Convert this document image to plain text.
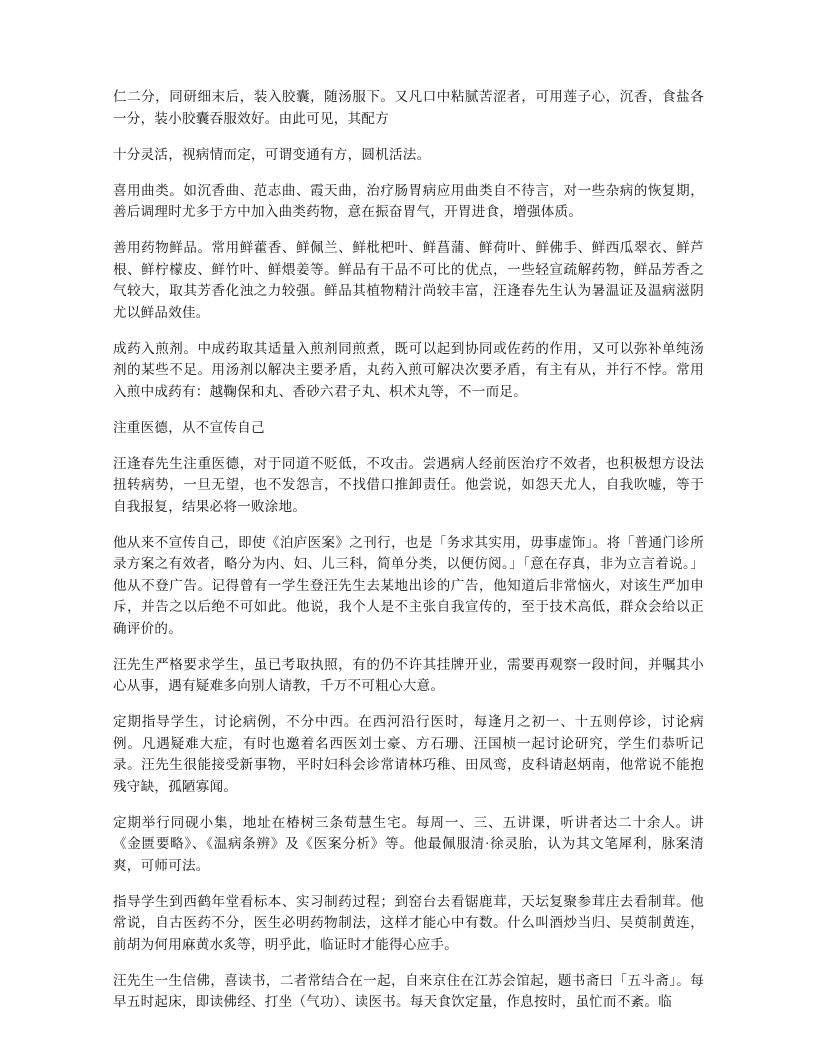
仁二分，同研细末后，装入胶囊，随汤服下。又凡口中粘腻苦涩者，可用莲子心，沉香，食盐各一分，装小胶囊吞服效好。由此可见，其配方

十分灵活，视病情而定，可谓变通有方，圆机活法。

喜用曲类。如沉香曲、范志曲、霞天曲，治疗肠胃病应用曲类自不待言，对一些杂病的恢复期，善后调理时尤多于方中加入曲类药物，意在振奋胃气，开胃进食，增强体质。

善用药物鲜品。常用鲜藿香、鲜佩兰、鲜枇杷叶、鲜菖蒲、鲜荷叶、鲜佛手、鲜西瓜翠衣、鲜芦根、鲜柠檬皮、鲜竹叶、鲜煨姜等。鲜品有干品不可比的优点，一些轻宣疏解药物，鲜品芳香之气较大，取其芳香化浊之力较强。鲜品其植物精汁尚较丰富，汪逢春先生认为暑温证及温病滋阴尤以鲜品效佳。

成药入煎剂。中成药取其适量入煎剂同煎煮，既可以起到协同或佐药的作用，又可以弥补单纯汤剂的某些不足。用汤剂以解决主要矛盾，丸药入煎可解决次要矛盾，有主有从，并行不悖。常用入煎中成药有：越鞠保和丸、香砂六君子丸、枳术丸等，不一而足。

注重医德，从不宣传自己

汪逢春先生注重医德，对于同道不贬低，不攻击。尝遇病人经前医治疗不效者，也积极想方设法扭转病势，一旦无望，也不发怨言，不找借口推卸责任。他尝说，如怨天尤人，自我吹嘘，等于自我报复，结果必将一败涂地。

他从来不宣传自己，即使《泊庐医案》之刊行，也是「务求其实用，毋事虚饰」。将「普通门诊所录方案之有效者，略分为内、妇、儿三科，简单分类，以便仿阅。」「意在存真，非为立言着说。」他从不登广告。记得曾有一学生登汪先生去某地出诊的广告，他知道后非常恼火，对该生严加申斥，并告之以后绝不可如此。他说，我个人是不主张自我宣传的，至于技术高低，群众会给以正确评价的。

汪先生严格要求学生，虽已考取执照，有的仍不许其挂牌开业，需要再观察一段时间，并嘱其小心从事，遇有疑难多向别人请教，千万不可粗心大意。

定期指导学生，讨论病例，不分中西。在西河沿行医时，每逢月之初一、十五则停诊，讨论病例。凡遇疑难大症，有时也邀着名西医刘士豪、方石珊、汪国桢一起讨论研究，学生们恭听记录。汪先生很能接受新事物，平时妇科会诊常请林巧稚、田凤鸾，皮科请赵炳南，他常说不能抱残守缺，孤陋寡闻。

定期举行同砚小集，地址在椿树三条荀慧生宅。每周一、三、五讲课，听讲者达二十余人。讲《金匮要略》、《温病条辨》及《医案分析》等。他最佩服清·徐灵胎，认为其文笔犀利，脉案清爽，可师可法。

指导学生到西鹤年堂看标本、实习制药过程；到窑台去看锯鹿茸，天坛复聚参茸庄去看制茸。他常说，自古医药不分，医生必明药物制法，这样才能心中有数。什么叫酒炒当归、吴萸制黄连，前胡为何用麻黄水炙等，明乎此，临证时才能得心应手。

汪先生一生信佛，喜读书，二者常结合在一起，自来京住在江苏会馆起，题书斋曰「五斗斋」。每早五时起床，即读佛经、打坐（气功）、读医书。每天食饮定量，作息按时，虽忙而不紊。临
